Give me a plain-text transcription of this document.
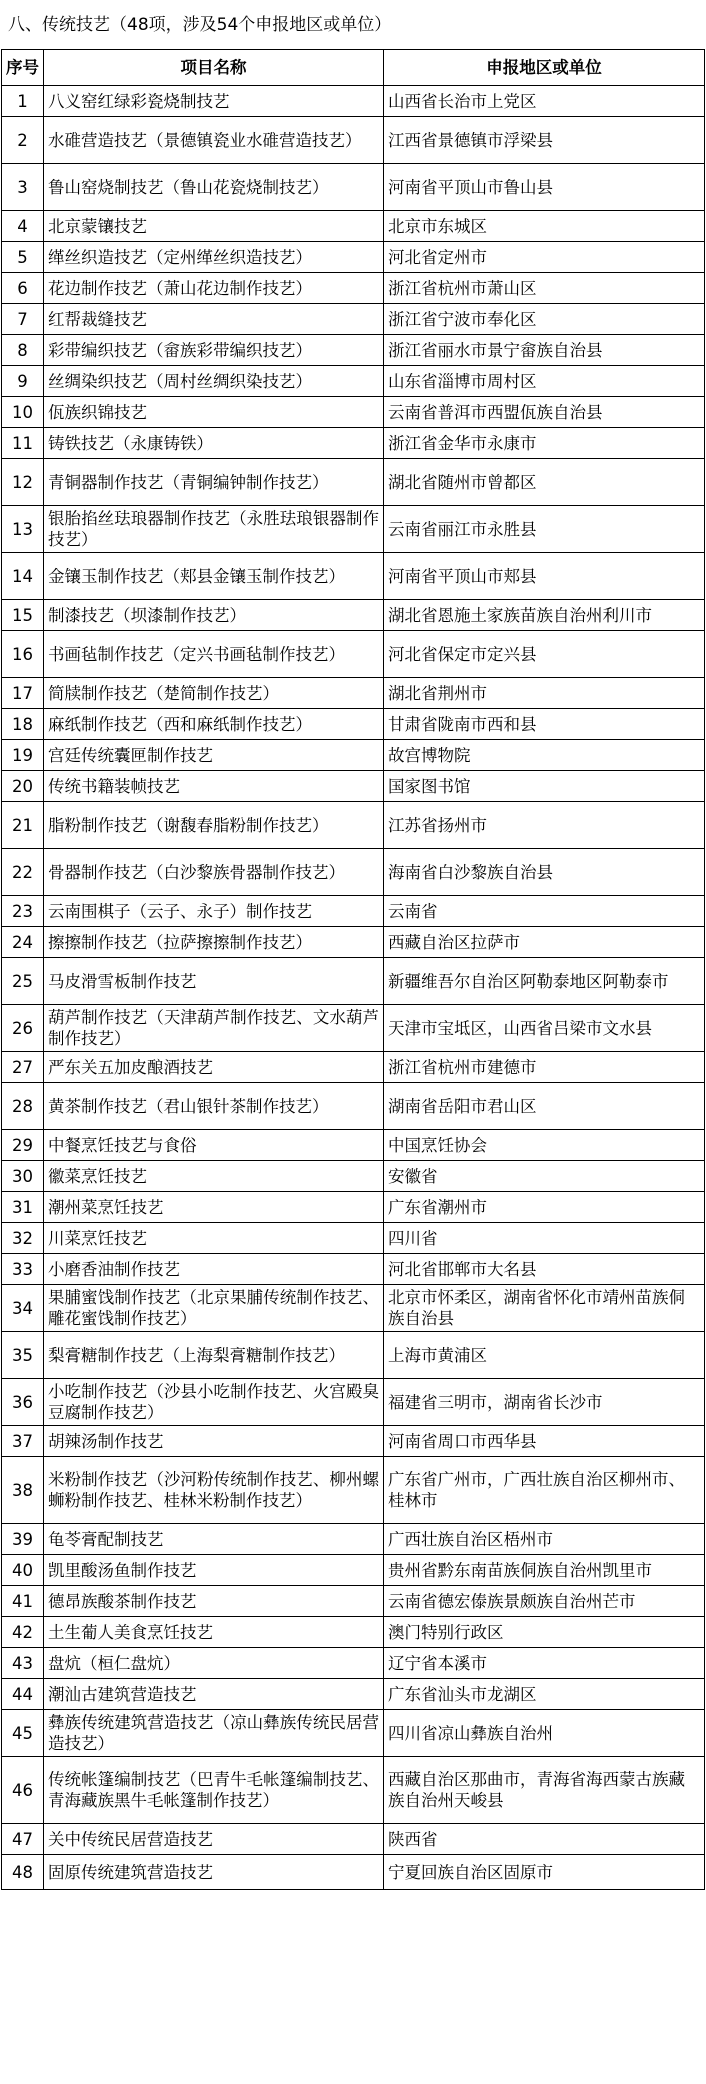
八、传统技艺（48项，涉及54个申报地区或单位）
序号	项目名称	申报地区或单位
1	八义窑红绿彩瓷烧制技艺	山西省长治市上党区
2	水碓营造技艺（景德镇瓷业水碓营造技艺）	江西省景德镇市浮梁县
3	鲁山窑烧制技艺（鲁山花瓷烧制技艺）	河南省平顶山市鲁山县
4	北京蒙镶技艺	北京市东城区
5	缂丝织造技艺（定州缂丝织造技艺）	河北省定州市
6	花边制作技艺（萧山花边制作技艺）	浙江省杭州市萧山区
7	红帮裁缝技艺	浙江省宁波市奉化区
8	彩带编织技艺（畲族彩带编织技艺）	浙江省丽水市景宁畲族自治县
9	丝绸染织技艺（周村丝绸织染技艺）	山东省淄博市周村区
10	佤族织锦技艺	云南省普洱市西盟佤族自治县
11	铸铁技艺（永康铸铁）	浙江省金华市永康市
12	青铜器制作技艺（青铜编钟制作技艺）	湖北省随州市曾都区
13	银胎掐丝珐琅器制作技艺（永胜珐琅银器制作技艺）	云南省丽江市永胜县
14	金镶玉制作技艺（郏县金镶玉制作技艺）	河南省平顶山市郏县
15	制漆技艺（坝漆制作技艺）	湖北省恩施土家族苗族自治州利川市
16	书画毡制作技艺（定兴书画毡制作技艺）	河北省保定市定兴县
17	简牍制作技艺（楚简制作技艺）	湖北省荆州市
18	麻纸制作技艺（西和麻纸制作技艺）	甘肃省陇南市西和县
19	宫廷传统囊匣制作技艺	故宫博物院
20	传统书籍装帧技艺	国家图书馆
21	脂粉制作技艺（谢馥春脂粉制作技艺）	江苏省扬州市
22	骨器制作技艺（白沙黎族骨器制作技艺）	海南省白沙黎族自治县
23	云南围棋子（云子、永子）制作技艺	云南省
24	擦擦制作技艺（拉萨擦擦制作技艺）	西藏自治区拉萨市
25	马皮滑雪板制作技艺	新疆维吾尔自治区阿勒泰地区阿勒泰市
26	葫芦制作技艺（天津葫芦制作技艺、文水葫芦制作技艺）	天津市宝坻区，山西省吕梁市文水县
27	严东关五加皮酿酒技艺	浙江省杭州市建德市
28	黄茶制作技艺（君山银针茶制作技艺）	湖南省岳阳市君山区
29	中餐烹饪技艺与食俗	中国烹饪协会
30	徽菜烹饪技艺	安徽省
31	潮州菜烹饪技艺	广东省潮州市
32	川菜烹饪技艺	四川省
33	小磨香油制作技艺	河北省邯郸市大名县
34	果脯蜜饯制作技艺（北京果脯传统制作技艺、雕花蜜饯制作技艺）	北京市怀柔区，湖南省怀化市靖州苗族侗族自治县
35	梨膏糖制作技艺（上海梨膏糖制作技艺）	上海市黄浦区
36	小吃制作技艺（沙县小吃制作技艺、火宫殿臭豆腐制作技艺）	福建省三明市，湖南省长沙市
37	胡辣汤制作技艺	河南省周口市西华县
38	米粉制作技艺（沙河粉传统制作技艺、柳州螺蛳粉制作技艺、桂林米粉制作技艺）	广东省广州市，广西壮族自治区柳州市、桂林市
39	龟苓膏配制技艺	广西壮族自治区梧州市
40	凯里酸汤鱼制作技艺	贵州省黔东南苗族侗族自治州凯里市
41	德昂族酸茶制作技艺	云南省德宏傣族景颇族自治州芒市
42	土生葡人美食烹饪技艺	澳门特别行政区
43	盘炕（桓仁盘炕）	辽宁省本溪市
44	潮汕古建筑营造技艺	广东省汕头市龙湖区
45	彝族传统建筑营造技艺（凉山彝族传统民居营造技艺）	四川省凉山彝族自治州
46	传统帐篷编制技艺（巴青牛毛帐篷编制技艺、青海藏族黑牛毛帐篷制作技艺）	西藏自治区那曲市，青海省海西蒙古族藏族自治州天峻县
47	关中传统民居营造技艺	陕西省
48	固原传统建筑营造技艺	宁夏回族自治区固原市
